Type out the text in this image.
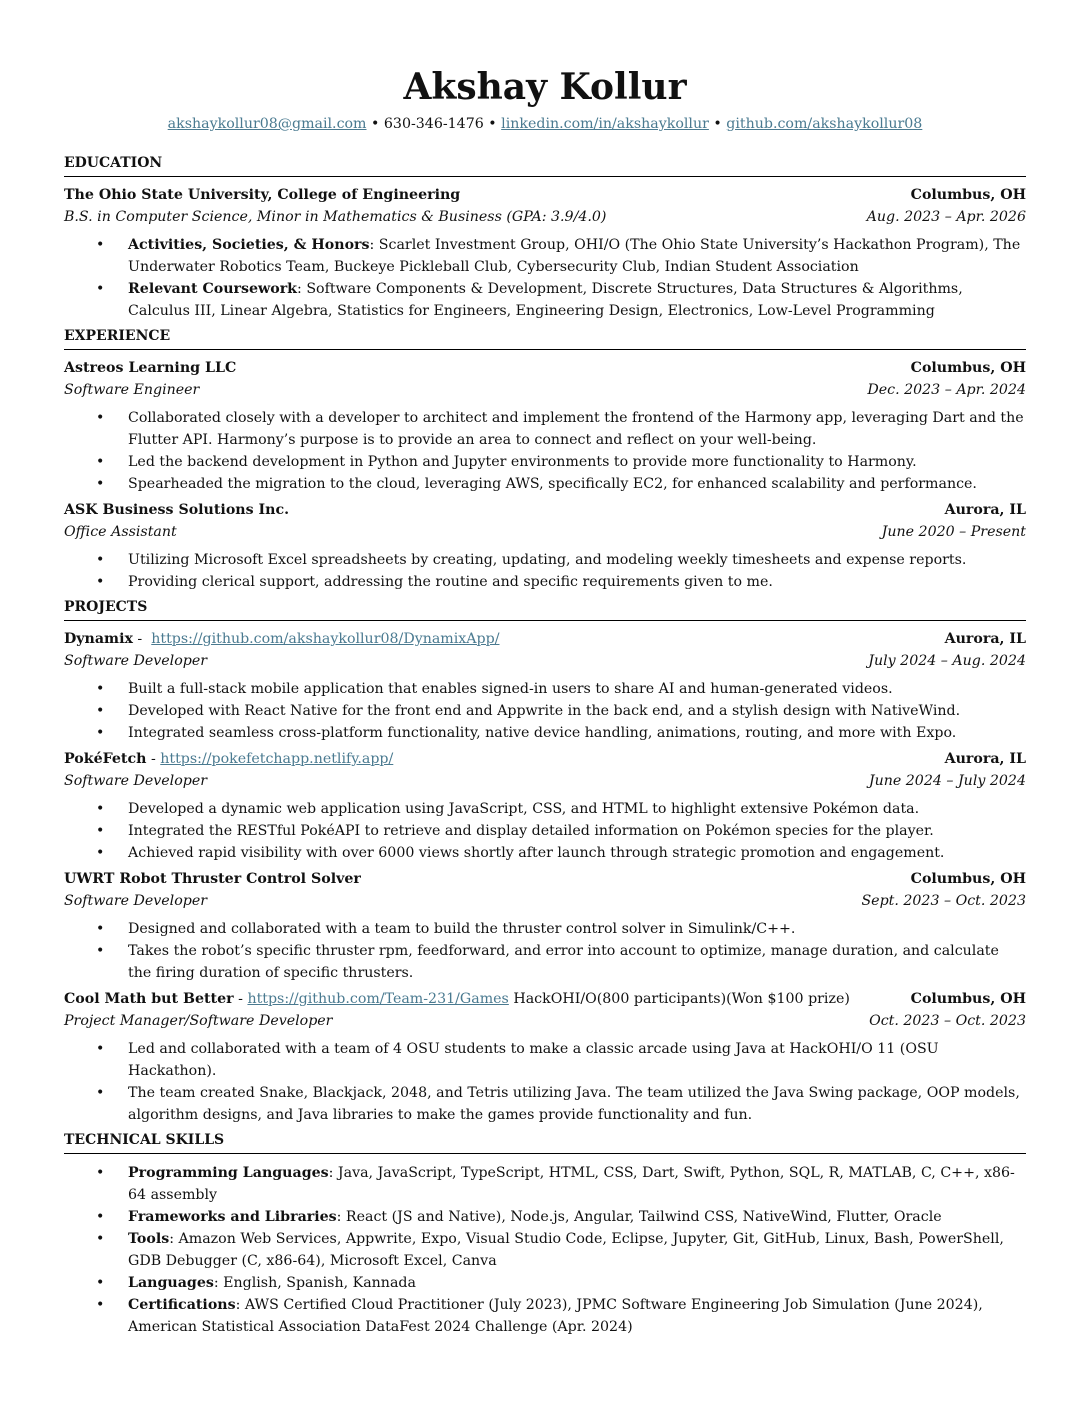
Akshay Kollur
akshaykollur08@gmail.com • 630-346-1476 • linkedin.com/in/akshaykollur • github.com/akshaykollur08
EDUCATION
The Ohio State University, College of Engineering	Columbus, OH
B.S. in Computer Science, Minor in Mathematics & Business (GPA: 3.9/4.0)	Aug. 2023 – Apr. 2026
• Activities, Societies, & Honors: Scarlet Investment Group, OHI/O (The Ohio State University’s Hackathon Program), The Underwater Robotics Team, Buckeye Pickleball Club, Cybersecurity Club, Indian Student Association
• Relevant Coursework: Software Components & Development, Discrete Structures, Data Structures & Algorithms, Calculus III, Linear Algebra, Statistics for Engineers, Engineering Design, Electronics, Low-Level Programming
EXPERIENCE
Astreos Learning LLC	Columbus, OH
Software Engineer	Dec. 2023 – Apr. 2024
• Collaborated closely with a developer to architect and implement the frontend of the Harmony app, leveraging Dart and the Flutter API. Harmony’s purpose is to provide an area to connect and reflect on your well-being.
• Led the backend development in Python and Jupyter environments to provide more functionality to Harmony.
• Spearheaded the migration to the cloud, leveraging AWS, specifically EC2, for enhanced scalability and performance.
ASK Business Solutions Inc.	Aurora, IL
Office Assistant	June 2020 – Present
• Utilizing Microsoft Excel spreadsheets by creating, updating, and modeling weekly timesheets and expense reports.
• Providing clerical support, addressing the routine and specific requirements given to me.
PROJECTS
Dynamix -  https://github.com/akshaykollur08/DynamixApp/	Aurora, IL
Software Developer	July 2024 – Aug. 2024
• Built a full-stack mobile application that enables signed-in users to share AI and human-generated videos.
• Developed with React Native for the front end and Appwrite in the back end, and a stylish design with NativeWind.
• Integrated seamless cross-platform functionality, native device handling, animations, routing, and more with Expo.
PokéFetch - https://pokefetchapp.netlify.app/	Aurora, IL
Software Developer	June 2024 – July 2024
• Developed a dynamic web application using JavaScript, CSS, and HTML to highlight extensive Pokémon data.
• Integrated the RESTful PokéAPI to retrieve and display detailed information on Pokémon species for the player.
• Achieved rapid visibility with over 6000 views shortly after launch through strategic promotion and engagement.
UWRT Robot Thruster Control Solver	Columbus, OH
Software Developer	Sept. 2023 – Oct. 2023
• Designed and collaborated with a team to build the thruster control solver in Simulink/C++.
• Takes the robot’s specific thruster rpm, feedforward, and error into account to optimize, manage duration, and calculate the firing duration of specific thrusters.
Cool Math but Better - https://github.com/Team-231/Games HackOHI/O(800 participants)(Won $100 prize)	Columbus, OH
Project Manager/Software Developer	Oct. 2023 – Oct. 2023
• Led and collaborated with a team of 4 OSU students to make a classic arcade using Java at HackOHI/O 11 (OSU Hackathon).
• The team created Snake, Blackjack, 2048, and Tetris utilizing Java. The team utilized the Java Swing package, OOP models, algorithm designs, and Java libraries to make the games provide functionality and fun.
TECHNICAL SKILLS
• Programming Languages: Java, JavaScript, TypeScript, HTML, CSS, Dart, Swift, Python, SQL, R, MATLAB, C, C++, x86-64 assembly
• Frameworks and Libraries: React (JS and Native), Node.js, Angular, Tailwind CSS, NativeWind, Flutter, Oracle
• Tools: Amazon Web Services, Appwrite, Expo, Visual Studio Code, Eclipse, Jupyter, Git, GitHub, Linux, Bash, PowerShell, GDB Debugger (C, x86-64), Microsoft Excel, Canva
• Languages: English, Spanish, Kannada
• Certifications: AWS Certified Cloud Practitioner (July 2023), JPMC Software Engineering Job Simulation (June 2024), American Statistical Association DataFest 2024 Challenge (Apr. 2024)
